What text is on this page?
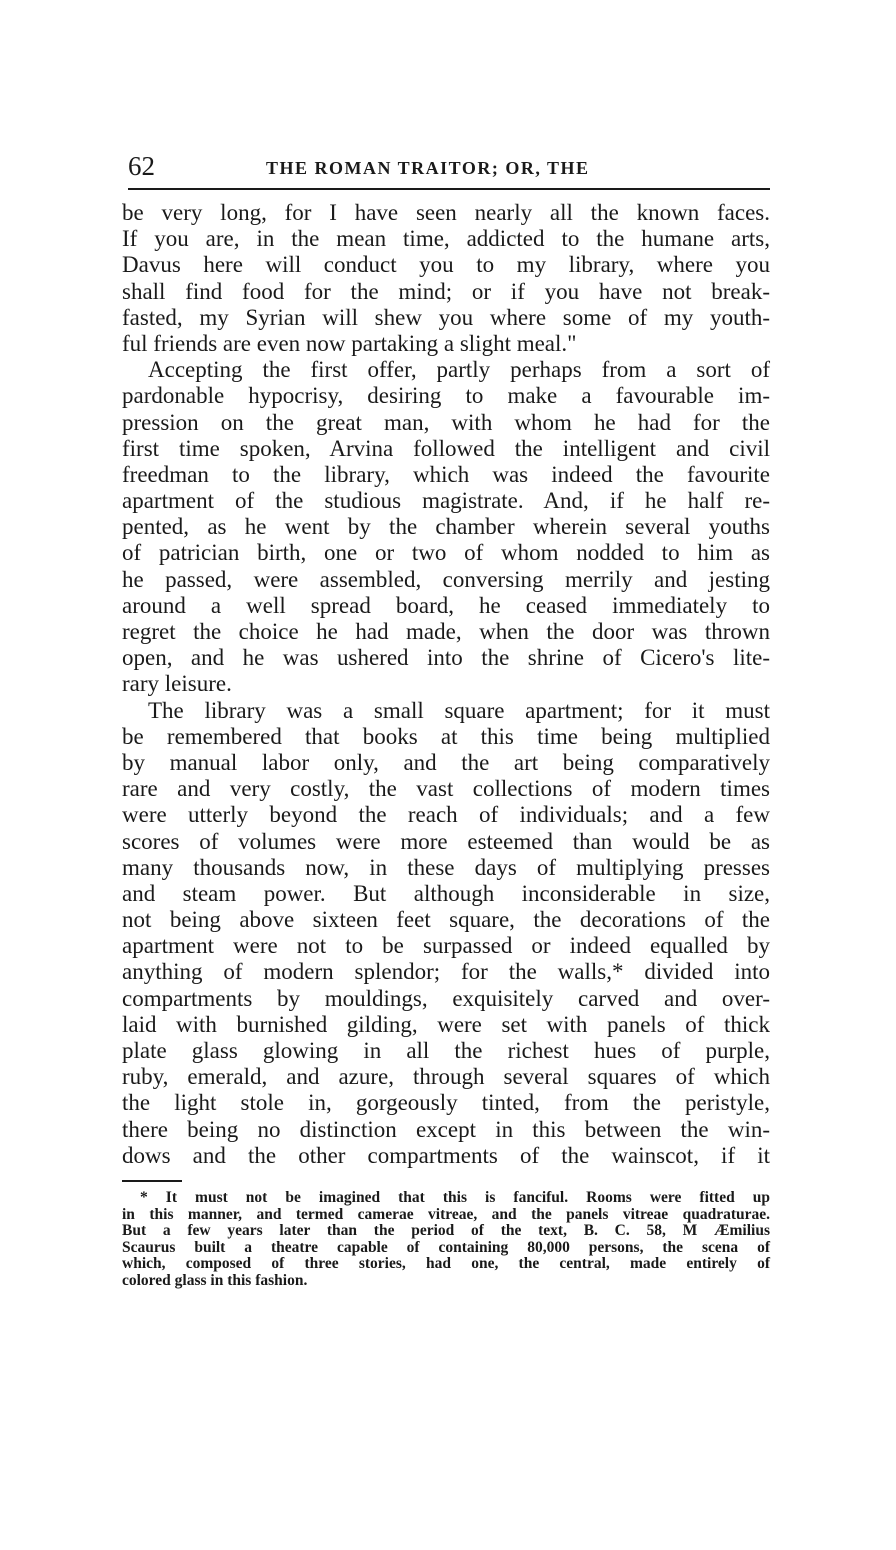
62	THE ROMAN TRAITOR; OR, THE
be very long, for I have seen nearly all the known faces.
If you are, in the mean time, addicted to the humane arts,
Davus here will conduct you to my library, where you
shall find food for the mind; or if you have not break-
fasted, my Syrian will shew you where some of my youth-
ful friends are even now partaking a slight meal."
Accepting the first offer, partly perhaps from a sort of
pardonable hypocrisy, desiring to make a favourable im-
pression on the great man, with whom he had for the
first time spoken, Arvina followed the intelligent and civil
freedman to the library, which was indeed the favourite
apartment of the studious magistrate. And, if he half re-
pented, as he went by the chamber wherein several youths
of patrician birth, one or two of whom nodded to him as
he passed, were assembled, conversing merrily and jesting
around a well spread board, he ceased immediately to
regret the choice he had made, when the door was thrown
open, and he was ushered into the shrine of Cicero's lite-
rary leisure.
The library was a small square apartment; for it must
be remembered that books at this time being multiplied
by manual labor only, and the art being comparatively
rare and very costly, the vast collections of modern times
were utterly beyond the reach of individuals; and a few
scores of volumes were more esteemed than would be as
many thousands now, in these days of multiplying presses
and steam power. But although inconsiderable in size,
not being above sixteen feet square, the decorations of the
apartment were not to be surpassed or indeed equalled by
anything of modern splendor; for the walls,* divided into
compartments by mouldings, exquisitely carved and over-
laid with burnished gilding, were set with panels of thick
plate glass glowing in all the richest hues of purple,
ruby, emerald, and azure, through several squares of which
the light stole in, gorgeously tinted, from the peristyle,
there being no distinction except in this between the win-
dows and the other compartments of the wainscot, if it
* It must not be imagined that this is fanciful. Rooms were fitted up
in this manner, and termed camerae vitreae, and the panels vitreae quadraturae.
But a few years later than the period of the text, B. C. 58, M Æmilius
Scaurus built a theatre capable of containing 80,000 persons, the scena of
which, composed of three stories, had one, the central, made entirely of
colored glass in this fashion.
